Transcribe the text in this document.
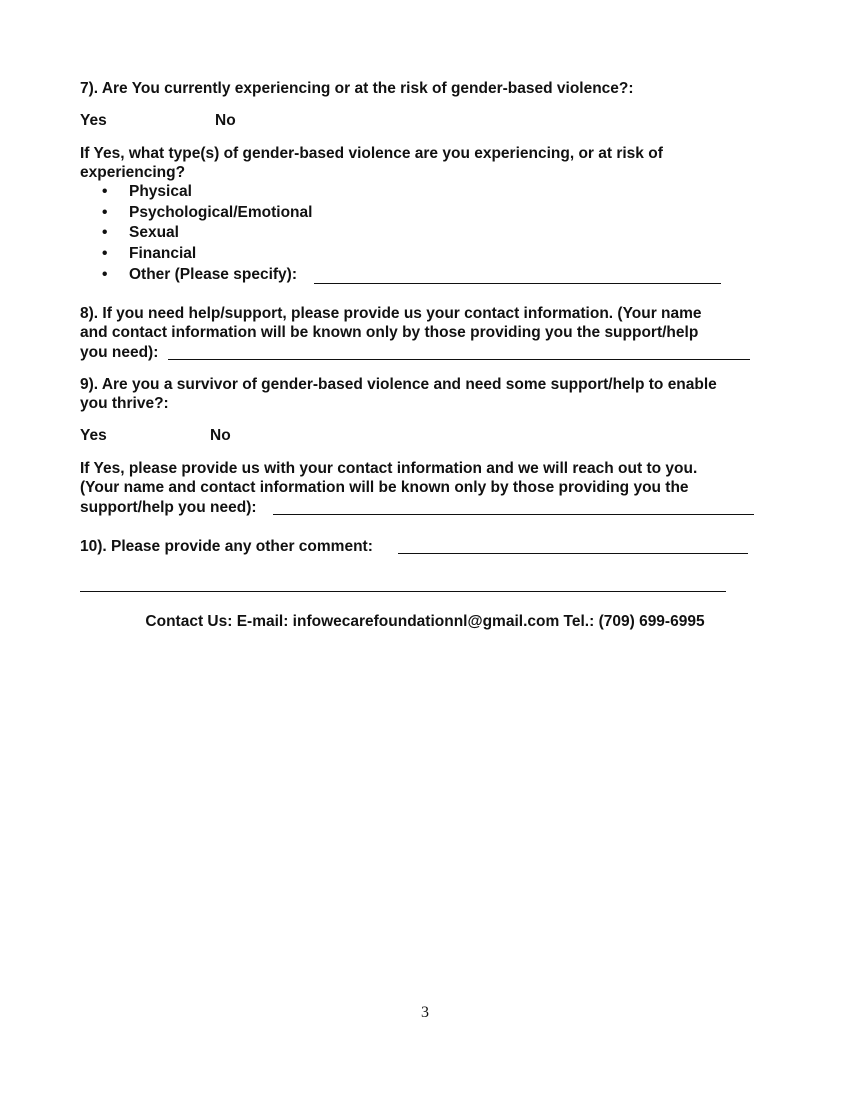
7). Are You currently experiencing or at the risk of gender-based violence?:
Yes	No
If Yes, what type(s) of gender-based violence are you experiencing, or at risk of
experiencing?
• Physical
• Psychological/Emotional
• Sexual
• Financial
• Other (Please specify):
8). If you need help/support, please provide us your contact information. (Your name
and contact information will be known only by those providing you the support/help
you need):
9). Are you a survivor of gender-based violence and need some support/help to enable
you thrive?:
Yes	No
If Yes, please provide us with your contact information and we will reach out to you.
(Your name and contact information will be known only by those providing you the
support/help you need):
10). Please provide any other comment:
Contact Us: E-mail: infowecarefoundationnl@gmail.com Tel.: (709) 699-6995
3
